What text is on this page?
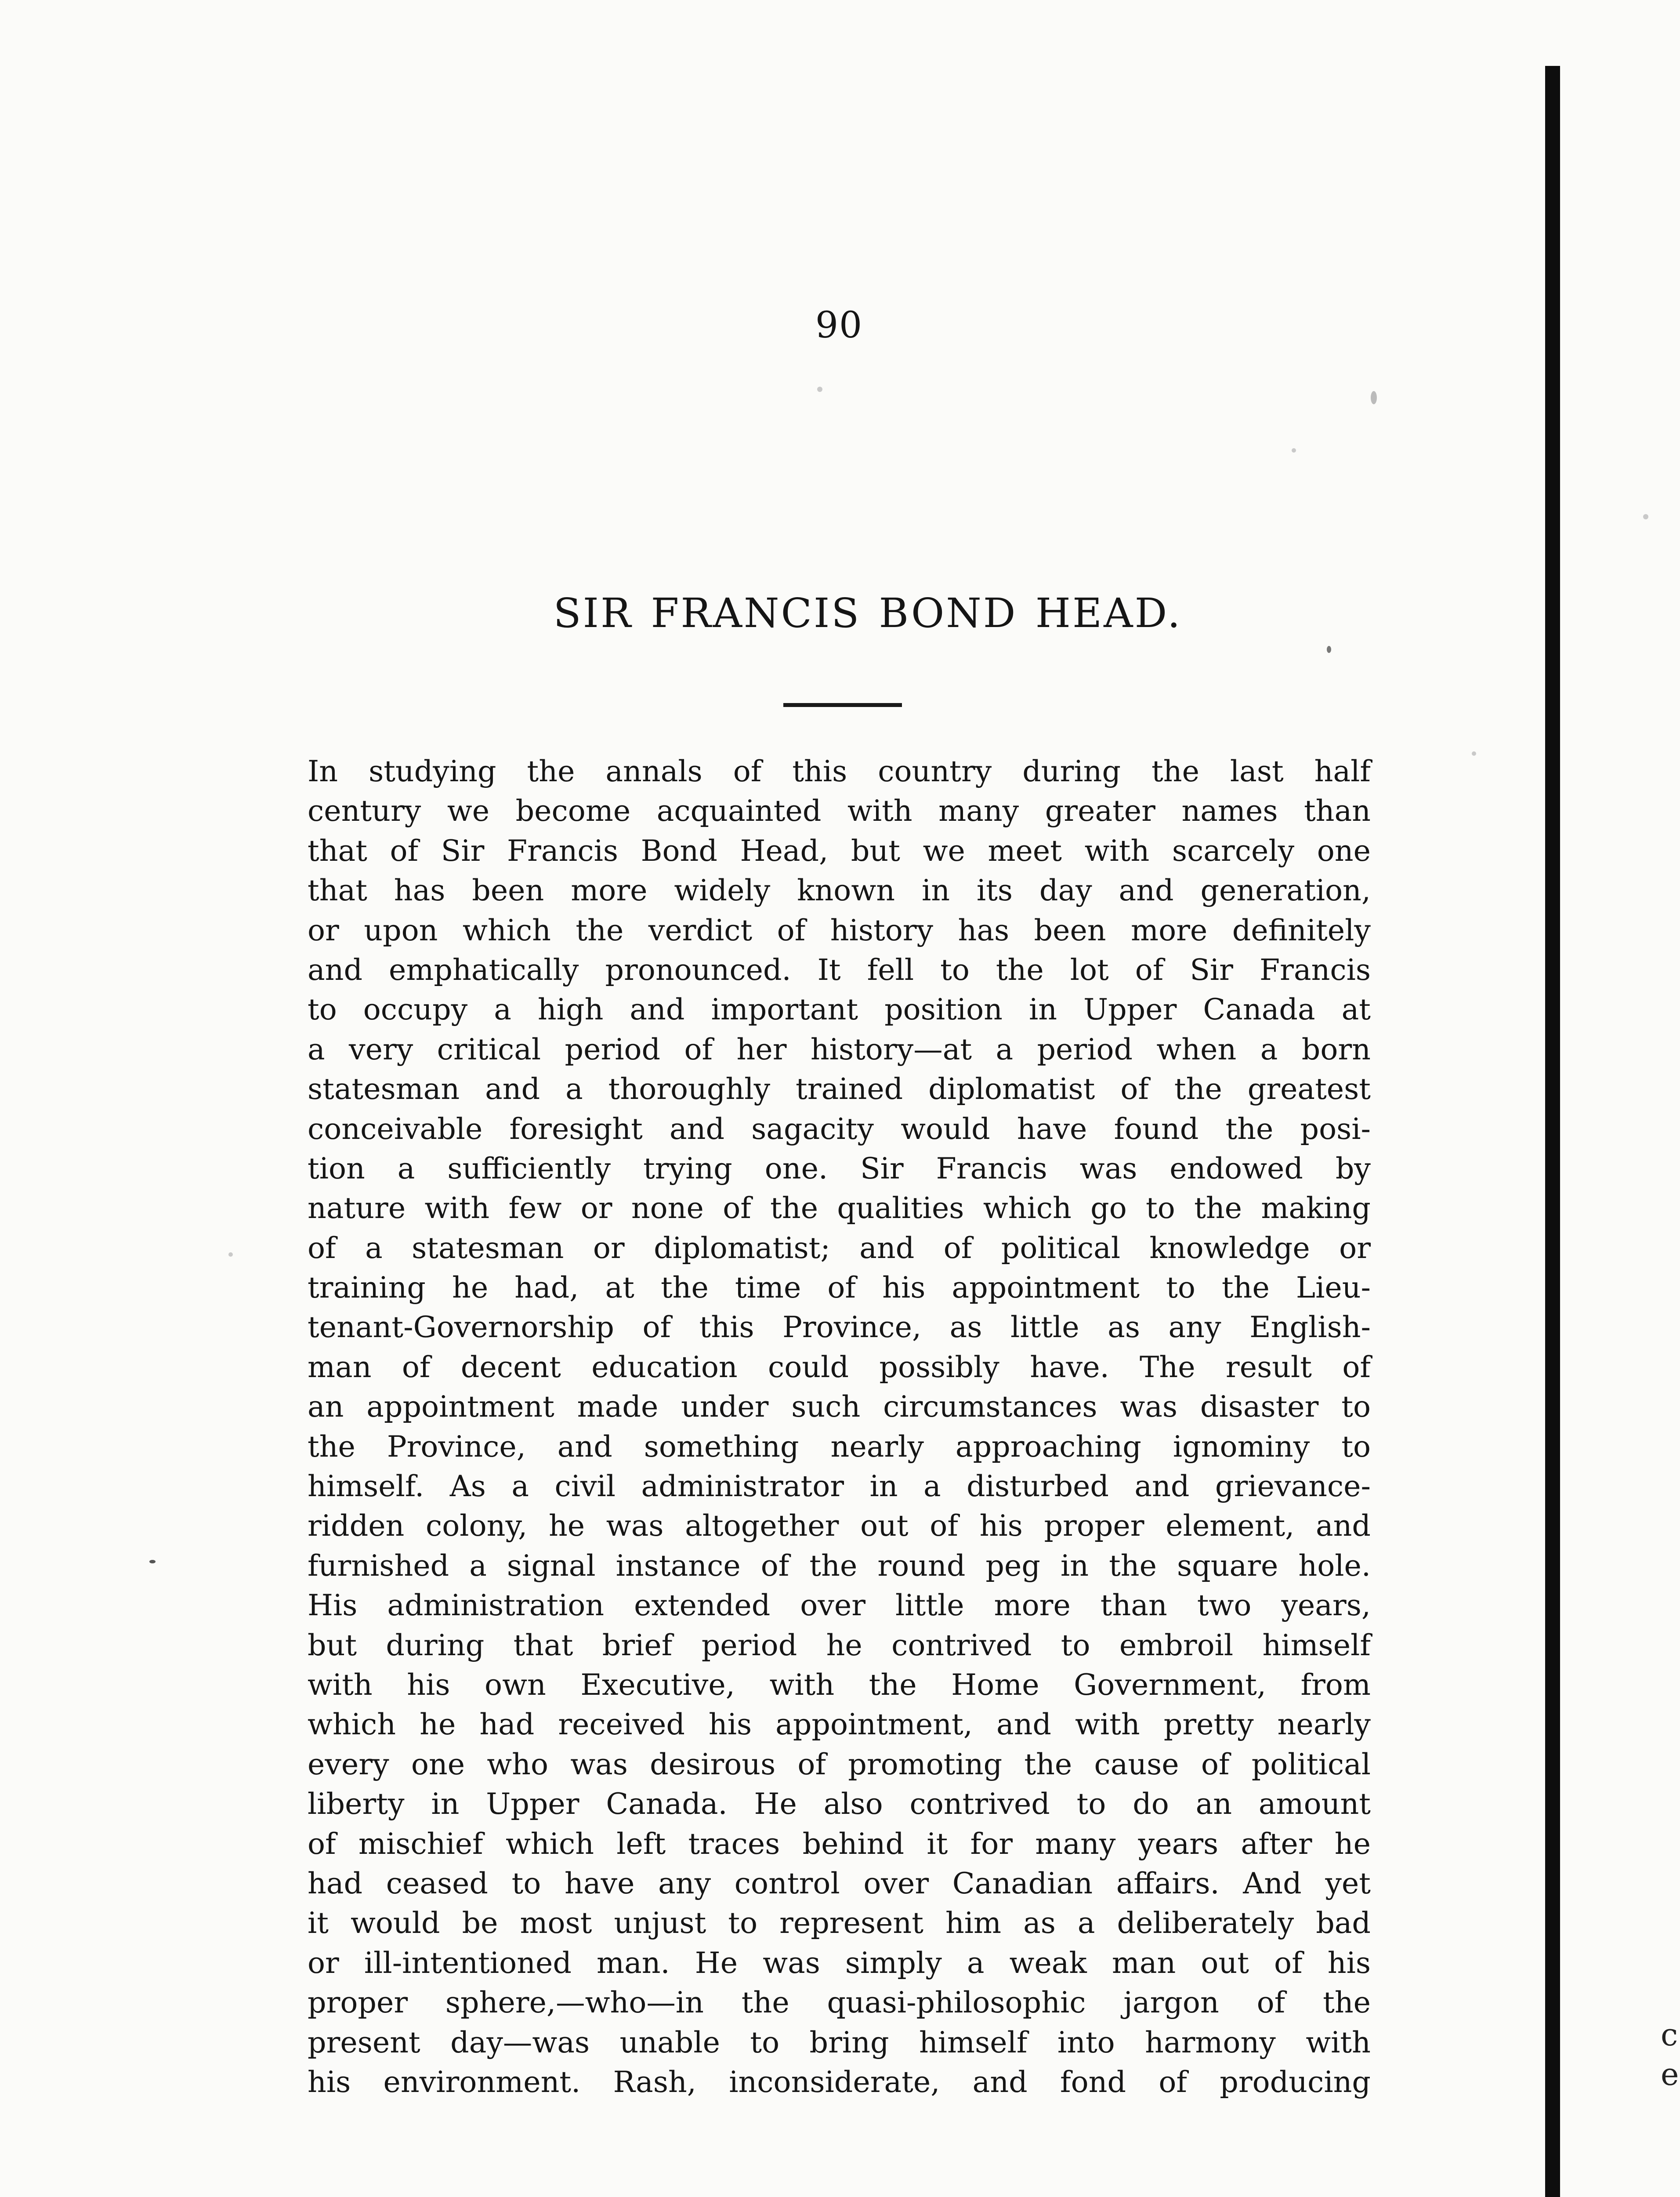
90
SIR FRANCIS BOND HEAD.
In studying the annals of this country during the last half
century we become acquainted with many greater names than
that of Sir Francis Bond Head, but we meet with scarcely one
that has been more widely known in its day and generation,
or upon which the verdict of history has been more definitely
and emphatically pronounced. It fell to the lot of Sir Francis
to occupy a high and important position in Upper Canada at
a very critical period of her history—at a period when a born
statesman and a thoroughly trained diplomatist of the greatest
conceivable foresight and sagacity would have found the posi-
tion a sufficiently trying one. Sir Francis was endowed by
nature with few or none of the qualities which go to the making
of a statesman or diplomatist; and of political knowledge or
training he had, at the time of his appointment to the Lieu-
tenant-Governorship of this Province, as little as any English-
man of decent education could possibly have. The result of
an appointment made under such circumstances was disaster to
the Province, and something nearly approaching ignominy to
himself. As a civil administrator in a disturbed and grievance-
ridden colony, he was altogether out of his proper element, and
furnished a signal instance of the round peg in the square hole.
His administration extended over little more than two years,
but during that brief period he contrived to embroil himself
with his own Executive, with the Home Government, from
which he had received his appointment, and with pretty nearly
every one who was desirous of promoting the cause of political
liberty in Upper Canada. He also contrived to do an amount
of mischief which left traces behind it for many years after he
had ceased to have any control over Canadian affairs. And yet
it would be most unjust to represent him as a deliberately bad
or ill-intentioned man. He was simply a weak man out of his
proper sphere,—who—in the quasi-philosophic jargon of the
present day—was unable to bring himself into harmony with
his environment. Rash, inconsiderate, and fond of producing
c
e
